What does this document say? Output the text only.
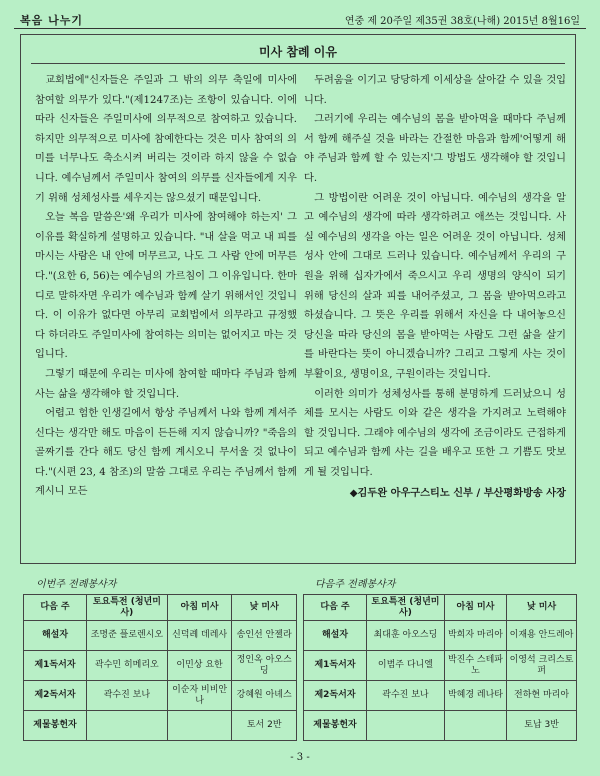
복음 나누기	연중 제 20주일 제35권 38호(나해) 2015년 8월16일
미사 참례 이유

교회법에"신자들은 주일과 그 밖의 의무 축일에 미사에 참여할 의무가 있다."(제1247조)는 조항이 있습니다. 이에 따라 신자들은 주일미사에 의무적으로 참여하고 있습니다. 하지만 의무적으로 미사에 참예한다는 것은 미사 참여의 의미를 너무나도 축소시켜 버리는 것이라 하지 않을 수 없습니다. 예수님께서 주일미사 참여의 의무를 신자들에게 지우기 위해 성체성사를 세우지는 않으셨기 때문입니다.

오늘 복음 말씀은'왜 우리가 미사에 참여해야 하는지' 그 이유를 확실하게 설명하고 있습니다. "내 살을 먹고 내 피를 마시는 사람은 내 안에 머무르고, 나도 그 사람 안에 머무른다."(요한 6, 56)는 예수님의 가르침이 그 이유입니다. 한마디로 말하자면 우리가 예수님과 함께 살기 위해서인 것입니다. 이 이유가 없다면 아무리 교회법에서 의무라고 규정했다 하더라도 주일미사에 참여하는 의미는 없어지고 마는 것입니다.

그렇기 때문에 우리는 미사에 참여할 때마다 주님과 함께 사는 삶을 생각해야 할 것입니다.

어렵고 험한 인생길에서 항상 주님께서 나와 함께 계셔주신다는 생각만 해도 마음이 든든해 지지 않습니까? "죽음의 골짜기를 간다 해도 당신 함께 계시오니 무서울 것 없나이다."(시편 23, 4 참조)의 말씀 그대로 우리는 주님께서 함께 계시니 모든

두려움을 이기고 당당하게 이세상을 살아갈 수 있을 것입니다.

그러기에 우리는 예수님의 몸을 받아먹을 때마다 주님께서 함께 해주실 것을 바라는 간절한 마음과 함께'어떻게 해야 주님과 함께 할 수 있는지'그 방법도 생각해야 할 것입니다.

그 방법이란 어려운 것이 아닙니다. 예수님의 생각을 알고 예수님의 생각에 따라 생각하려고 애쓰는 것입니다. 사실 예수님의 생각을 아는 일은 어려운 것이 아닙니다. 성체성사 안에 그대로 드러나 있습니다. 예수님께서 우리의 구원을 위해 십자가에서 죽으시고 우리 생명의 양식이 되기 위해 당신의 살과 피를 내어주셨고, 그 몸을 받아먹으라고 하셨습니다. 그 뜻은 우리를 위해서 자신을 다 내어놓으신 당신을 따라 당신의 몸을 받아먹는 사람도 그런 삶을 살기를 바란다는 뜻이 아니겠습니까? 그리고 그렇게 사는 것이 부활이요, 생명이요, 구원이라는 것입니다.

이러한 의미가 성체성사를 통해 분명하게 드러났으니 성체를 모시는 사람도 이와 같은 생각을 가지려고 노력해야 할 것입니다. 그래야 예수님의 생각에 조금이라도 근접하게 되고 예수님과 함께 사는 길을 배우고 또한 그 기쁨도 맛보게 될 것입니다.

◆김두완 아우구스티노 신부 / 부산평화방송 사장

이번주 전례봉사자	다음주 전례봉사자
다음 주	토요특전 (청년미사)	아침 미사	낮 미사
해설자	조명준 플로렌시오	신덕례 데레사	송인선 안젤라
제1독서자	곽수민 히메리오	이민상 요한	정인옥 아오스딩
제2독서자	곽수진 보나	이순자 비비안나	강혜원 아녜스
제물봉헌자			토서 2반
다음 주	토요특전 (청년미사)	아침 미사	낮 미사
해설자	최대훈 아오스딩	박희자 마리아	이재용 안드레아
제1독서자	이범주 다니엘	박진수 스테파노	이영석 크리스토퍼
제2독서자	곽수진 보나	박혜경 레나타	전하현 마리아
제물봉헌자			토납 3반
- 3 -
